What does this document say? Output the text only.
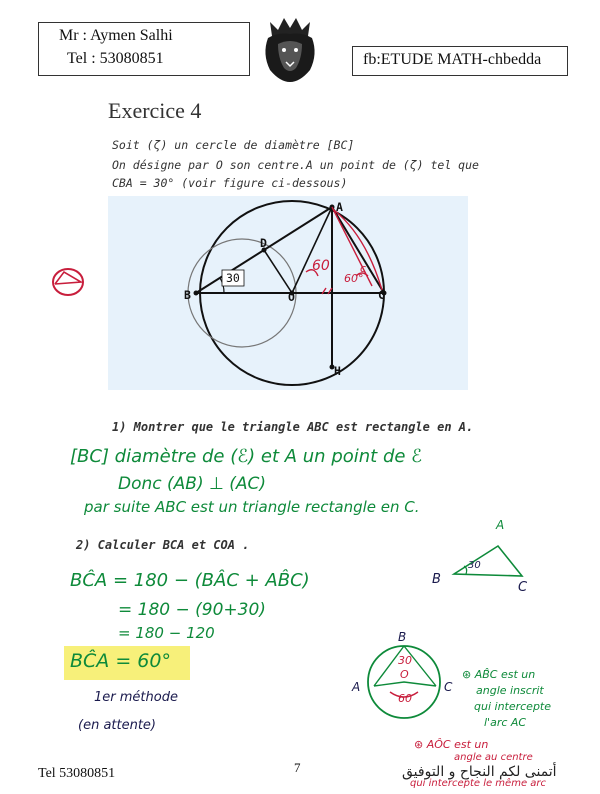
Mr : Aymen Salhi
Tel : 53080851	fb:ETUDE MATH-chbedda
Exercice 4
Soit (ζ) un cercle de diamètre [BC]
On désigne par O son centre.A un point de (ζ) tel que
CBA = 30° (voir figure ci-dessous)
A
B	C
D
O
H
30
60
60°
c
1) Montrer que le triangle ABC est rectangle en A.
[BC] diamètre de (ℰ) et A un point de ℰ
Donc (AB) ⊥ (AC)
par suite ABC est un triangle rectangle en C.
2) Calculer BCA et COA .
A
B
C
30
BĈA = 180 − (BÂC + AB̂C)
= 180 − (90+30)
= 180 − 120
BĈA = 60°
1er méthode
(en attente)
B
A	C
O
30
60
⊛ AB̂C est un
angle inscrit
qui intercepte
l'arc AC
⊛ AÔC est un
angle au centre
qui intercepte le même arc
7
Tel 53080851	أتمنى لكم النجاح و التوفيق
